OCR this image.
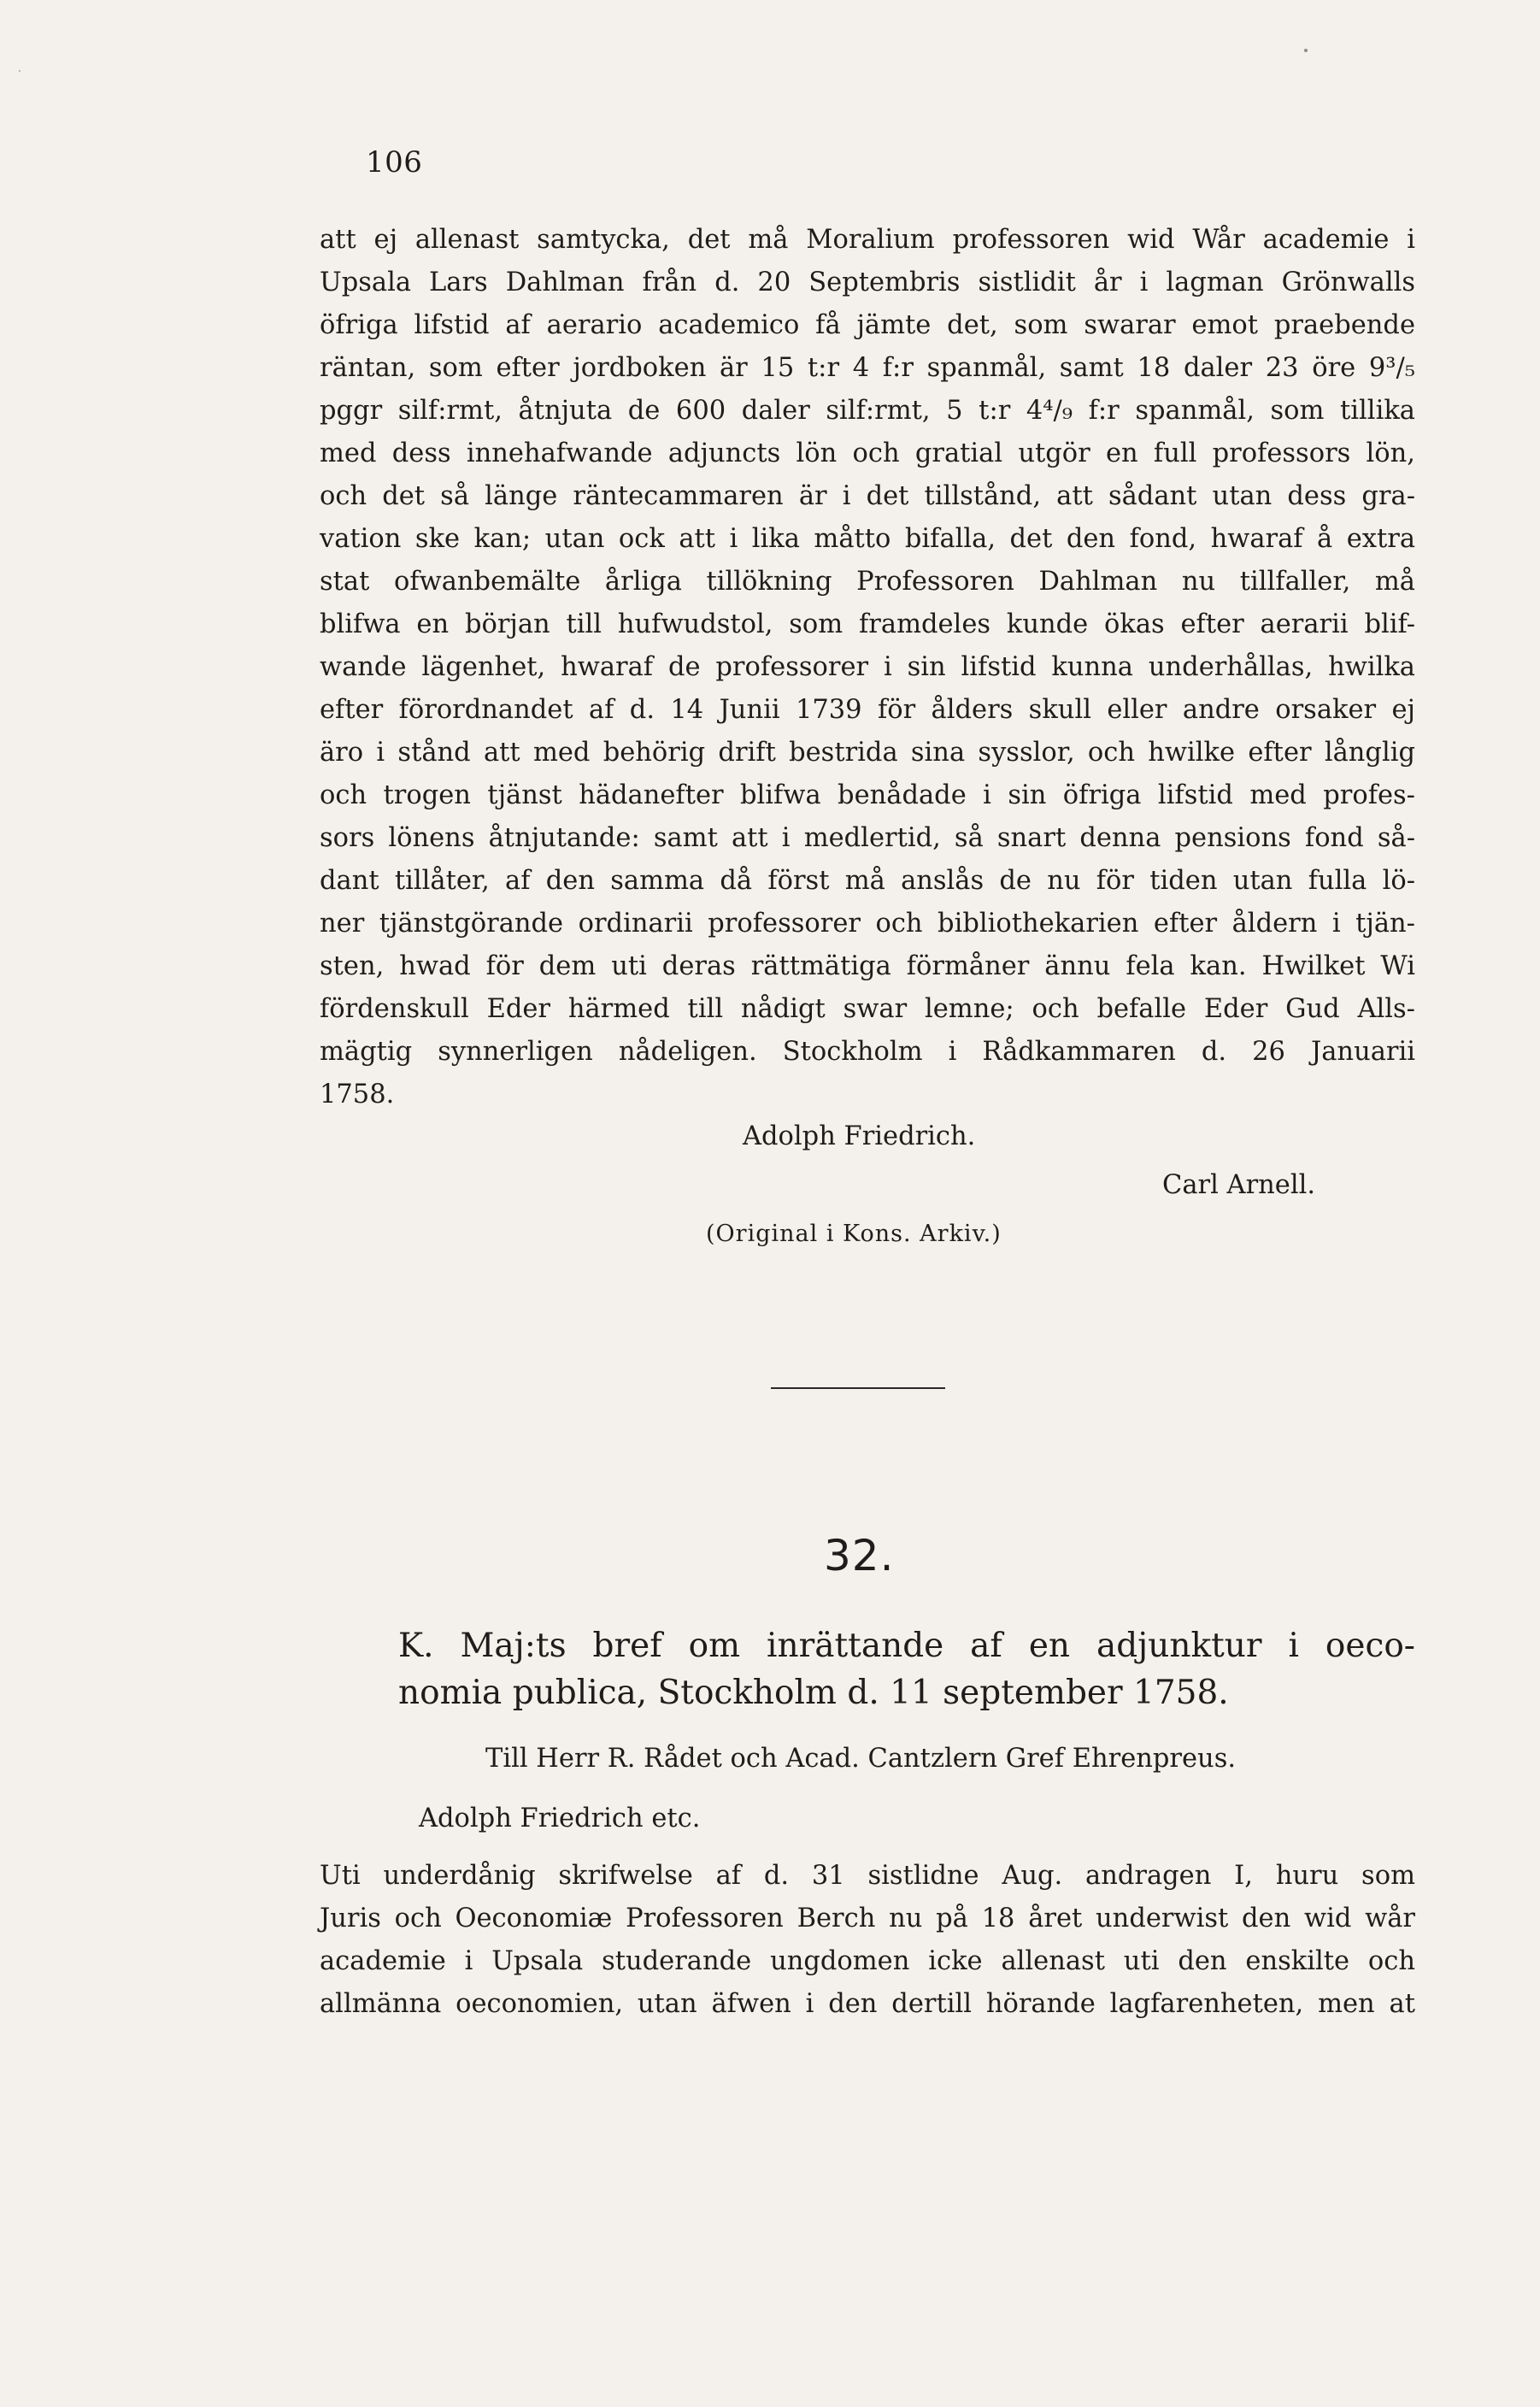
106
att ej allenast samtycka, det må Moralium professoren wid Wår academie i
Upsala Lars Dahlman från d. 20 Septembris sistlidit år i lagman Grönwalls
öfriga lifstid af aerario academico få jämte det, som swarar emot praebende
räntan, som efter jordboken är 15 t:r 4 f:r spanmål, samt 18 daler 23 öre 9³/₅
pggr silf:rmt, åtnjuta de 600 daler silf:rmt, 5 t:r 4⁴/₉ f:r spanmål, som tillika
med dess innehafwande adjuncts lön och gratial utgör en full professors lön,
och det så länge räntecammaren är i det tillstånd, att sådant utan dess gra-
vation ske kan; utan ock att i lika måtto bifalla, det den fond, hwaraf å extra
stat ofwanbemälte årliga tillökning Professoren Dahlman nu tillfaller, må
blifwa en början till hufwudstol, som framdeles kunde ökas efter aerarii blif-
wande lägenhet, hwaraf de professorer i sin lifstid kunna underhållas, hwilka
efter förordnandet af d. 14 Junii 1739 för ålders skull eller andre orsaker ej
äro i stånd att med behörig drift bestrida sina sysslor, och hwilke efter långlig
och trogen tjänst hädanefter blifwa benådade i sin öfriga lifstid med profes-
sors lönens åtnjutande: samt att i medlertid, så snart denna pensions fond så-
dant tillåter, af den samma då först må anslås de nu för tiden utan fulla lö-
ner tjänstgörande ordinarii professorer och bibliothekarien efter åldern i tjän-
sten, hwad för dem uti deras rättmätiga förmåner ännu fela kan. Hwilket Wi
fördenskull Eder härmed till nådigt swar lemne; och befalle Eder Gud Alls-
mägtig synnerligen nådeligen. Stockholm i Rådkammaren d. 26 Januarii
1758.
Adolph Friedrich.
Carl Arnell.
(Original i Kons. Arkiv.)
32.
K. Maj:ts bref om inrättande af en adjunktur i oeco-
nomia publica, Stockholm d. 11 september 1758.
Till Herr R. Rådet och Acad. Cantzlern Gref Ehrenpreus.
Adolph Friedrich etc.
Uti underdånig skrifwelse af d. 31 sistlidne Aug. andragen I, huru som
Juris och Oeconomiæ Professoren Berch nu på 18 året underwist den wid wår
academie i Upsala studerande ungdomen icke allenast uti den enskilte och
allmänna oeconomien, utan äfwen i den dertill hörande lagfarenheten, men at
